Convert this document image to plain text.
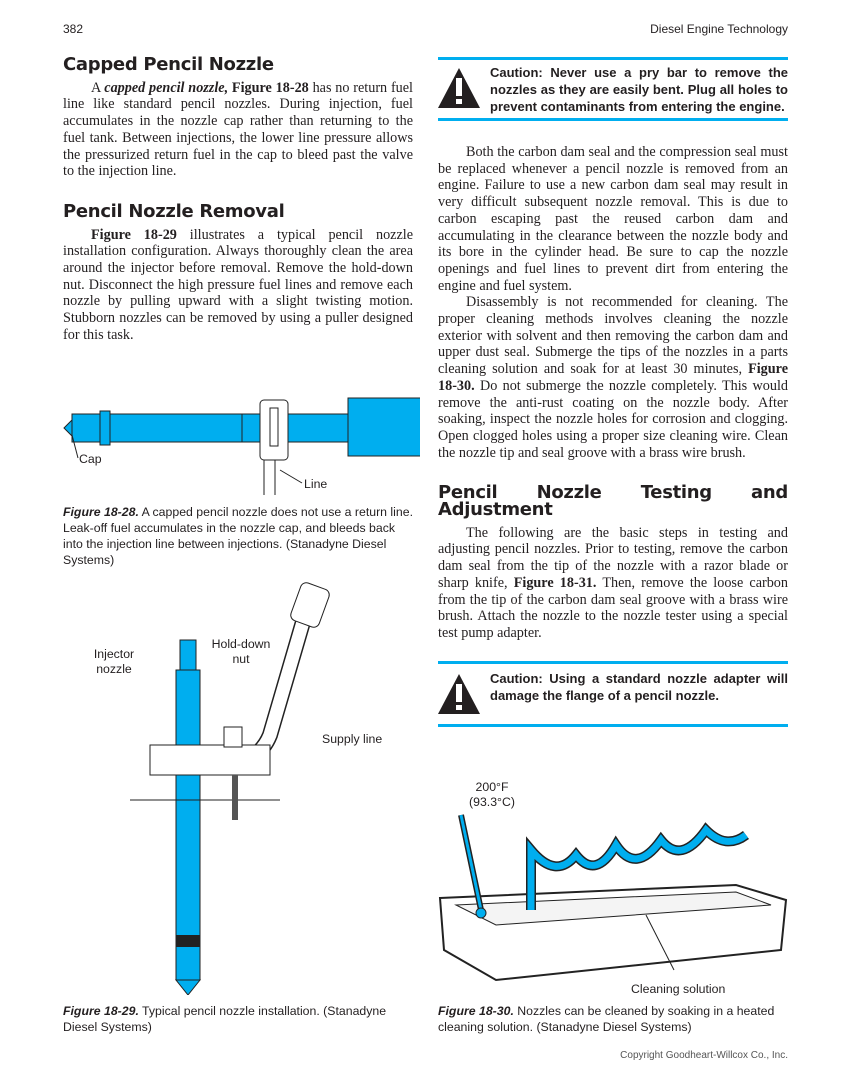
382	Diesel Engine Technology
Capped Pencil Nozzle

A capped pencil nozzle, Figure 18-28 has no return fuel line like standard pencil nozzles. During injection, fuel accumulates in the nozzle cap rather than returning to the fuel tank. Between injections, the lower line pressure allows the pressurized return fuel in the cap to bleed past the valve to the injection line.

Pencil Nozzle Removal

Figure 18-29 illustrates a typical pencil nozzle installation configuration. Always thoroughly clean the area around the injector before removal. Remove the hold-down nut. Disconnect the high pressure fuel lines and remove each nozzle by pulling upward with a slight twisting motion. Stubborn nozzles can be removed by using a puller designed for this task.

Cap
Line
Figure 18-28. A capped pencil nozzle does not use a return line. Leak-off fuel accumulates in the nozzle cap, and bleeds back into the injection line between injections. (Stanadyne Diesel Systems)
Injector nozzle
Hold-down nut
Supply line
Figure 18-29. Typical pencil nozzle installation. (Stanadyne Diesel Systems)
Caution: Never use a pry bar to remove the nozzles as they are easily bent. Plug all holes to prevent contaminants from entering the engine.

Both the carbon dam seal and the compression seal must be replaced whenever a pencil nozzle is removed from an engine. Failure to use a new carbon dam seal may result in very difficult subsequent nozzle removal. This is due to carbon escaping past the reused carbon dam and accumulating in the clearance between the nozzle body and its bore in the cylinder head. Be sure to cap the nozzle openings and fuel lines to prevent dirt from entering the engine and fuel system.

Disassembly is not recommended for cleaning. The proper cleaning methods involves cleaning the nozzle exterior with solvent and then removing the carbon dam and upper dust seal. Submerge the tips of the nozzles in a parts cleaning solution and soak for at least 30 minutes, Figure 18-30. Do not submerge the nozzle completely. This would remove the anti-rust coating on the nozzle body. After soaking, inspect the nozzle holes for corrosion and clogging. Open clogged holes using a proper size cleaning wire. Clean the nozzle tip and seal groove with a brass wire brush.

Pencil Nozzle Testing and Adjustment

The following are the basic steps in testing and adjusting pencil nozzles. Prior to testing, remove the carbon dam seal from the tip of the nozzle with a razor blade or sharp knife, Figure 18-31. Then, remove the loose carbon from the tip of the carbon dam seal groove with a brass wire brush. Attach the nozzle to the nozzle tester using a special test pump adapter.

Caution: Using a standard nozzle adapter will damage the flange of a pencil nozzle.
200°F
(93.3°C)
Cleaning solution
Figure 18-30. Nozzles can be cleaned by soaking in a heated cleaning solution. (Stanadyne Diesel Systems)
Copyright Goodheart-Willcox Co., Inc.
